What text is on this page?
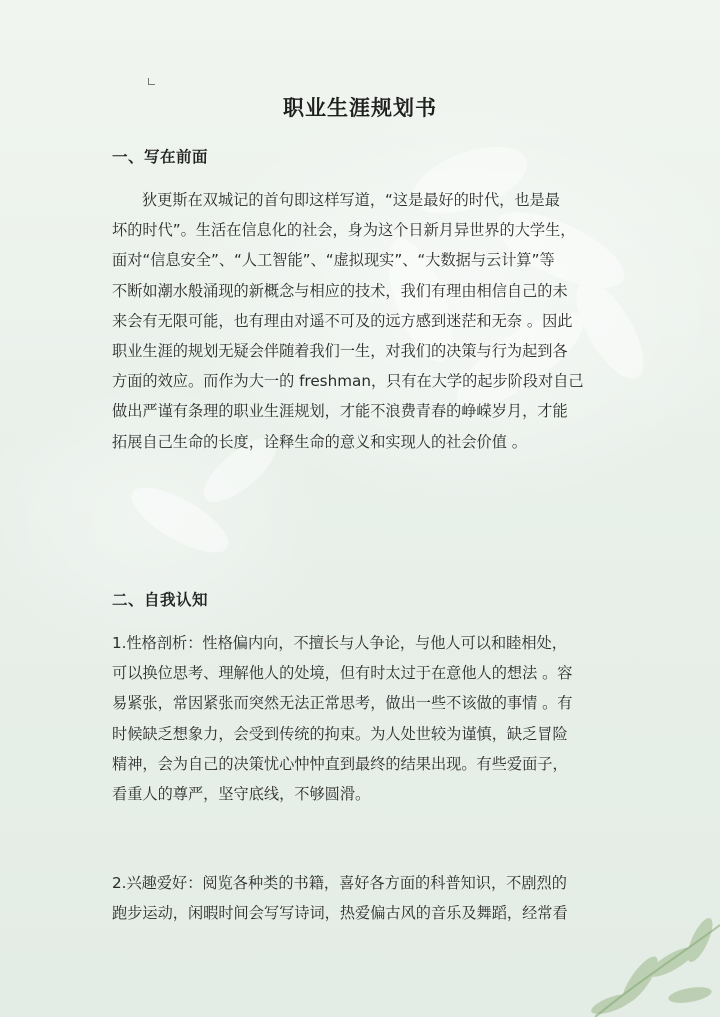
职业生涯规划书
一、写在前面

狄更斯在双城记的首句即这样写道，“这是最好的时代，也是最
坏的时代”。生活在信息化的社会，身为这个日新月异世界的大学生，
面对“信息安全”、“人工智能”、“虚拟现实”、“大数据与云计算”等
不断如潮水般涌现的新概念与相应的技术，我们有理由相信自己的未
来会有无限可能，也有理由对遥不可及的远方感到迷茫和无奈 。因此
职业生涯的规划无疑会伴随着我们一生，对我们的决策与行为起到各
方面的效应。而作为大一的 freshman，只有在大学的起步阶段对自己
做出严谨有条理的职业生涯规划，才能不浪费青春的峥嵘岁月，才能
拓展自己生命的长度，诠释生命的意义和实现人的社会价值 。

二、自我认知

1.性格剖析：性格偏内向，不擅长与人争论，与他人可以和睦相处，
可以换位思考、理解他人的处境，但有时太过于在意他人的想法 。容
易紧张，常因紧张而突然无法正常思考，做出一些不该做的事情 。有
时候缺乏想象力，会受到传统的拘束。为人处世较为谨慎，缺乏冒险
精神，会为自己的决策忧心忡忡直到最终的结果出现。有些爱面子，
看重人的尊严，坚守底线，不够圆滑。

2.兴趣爱好：阅览各种类的书籍，喜好各方面的科普知识，不剧烈的
跑步运动，闲暇时间会写写诗词，热爱偏古风的音乐及舞蹈，经常看
